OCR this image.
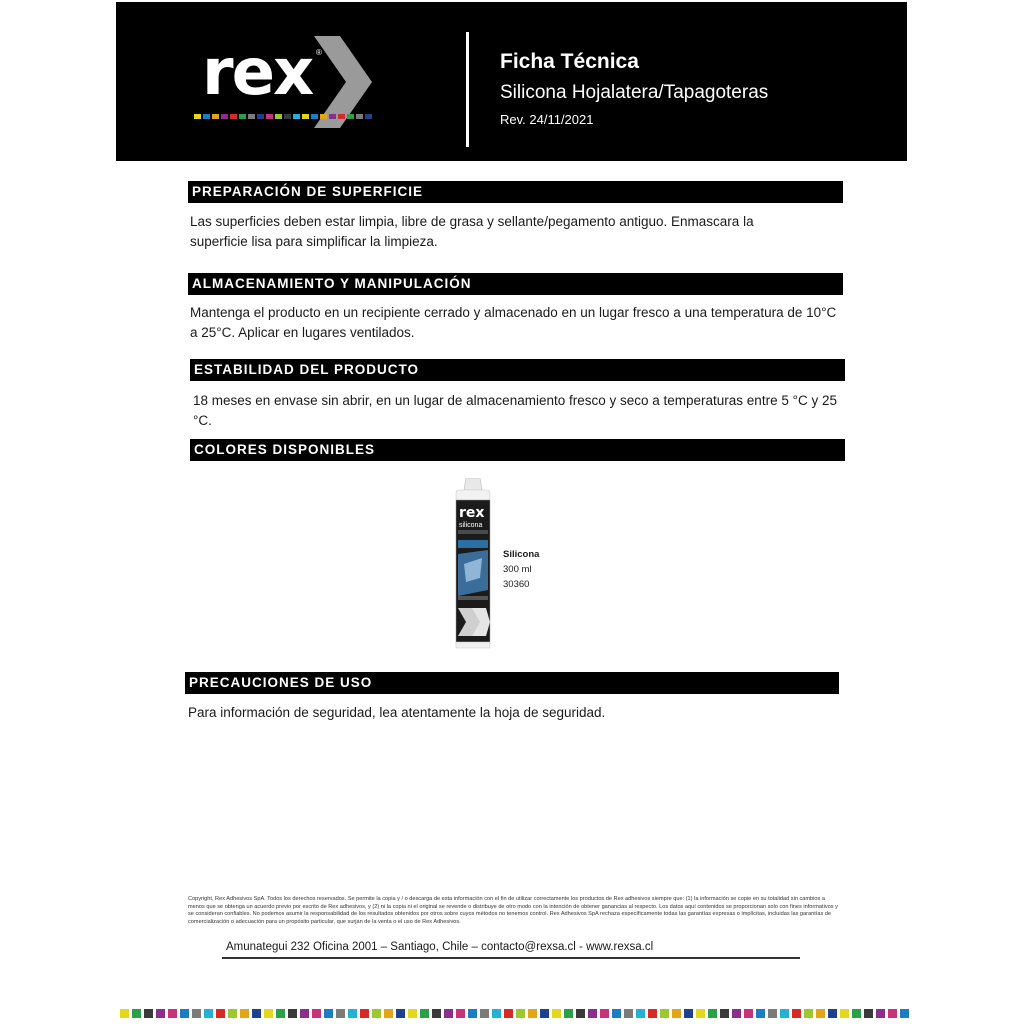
rex ®	Ficha Técnica
Silicona Hojalatera/Tapagoteras
Rev. 24/11/2021
PREPARACIÓN DE SUPERFICIE
Las superficies deben estar limpia, libre de grasa y sellante/pegamento antiguo. Enmascara la superficie lisa para simplificar la limpieza.
ALMACENAMIENTO Y MANIPULACIÓN
Mantenga el producto en un recipiente cerrado y almacenado en un lugar fresco a una temperatura de 10°C a 25°C. Aplicar en lugares ventilados.
ESTABILIDAD DEL PRODUCTO
18 meses en envase sin abrir, en un lugar de almacenamiento fresco y seco a temperaturas entre 5 °C y 25 °C.
COLORES DISPONIBLES
rex
silicona
Silicona
300 ml
30360
PRECAUCIONES DE USO
Para información de seguridad, lea atentamente la hoja de seguridad.
Copyright, Rex Adhesivos SpA. Todos los derechos reservados. Se permite la copia y / o descarga de esta información con el fin de utilizar correctamente los productos de Rex adhesivos siempre que: (1) la información se copie en su totalidad sin cambios a menos que se obtenga un acuerdo previo por escrito de Rex adhesivos, y (2) ni la copia ni el original se revende o distribuye de otro modo con la intención de obtener ganancias al respecto. Los datos aquí contenidos se proporcionan solo con fines informativos y se consideran confiables. No podemos asumir la responsabilidad de los resultados obtenidos por otros sobre cuyos métodos no tenemos control. Rex Adhesivos SpA rechaza específicamente todas las garantías expresas o implícitas, incluidas las garantías de comercialización o adecuación para un propósito particular, que surjan de la venta o el uso de Rex Adhesivos.
Amunategui 232 Oficina 2001 – Santiago, Chile – contacto@rexsa.cl - www.rexsa.cl
